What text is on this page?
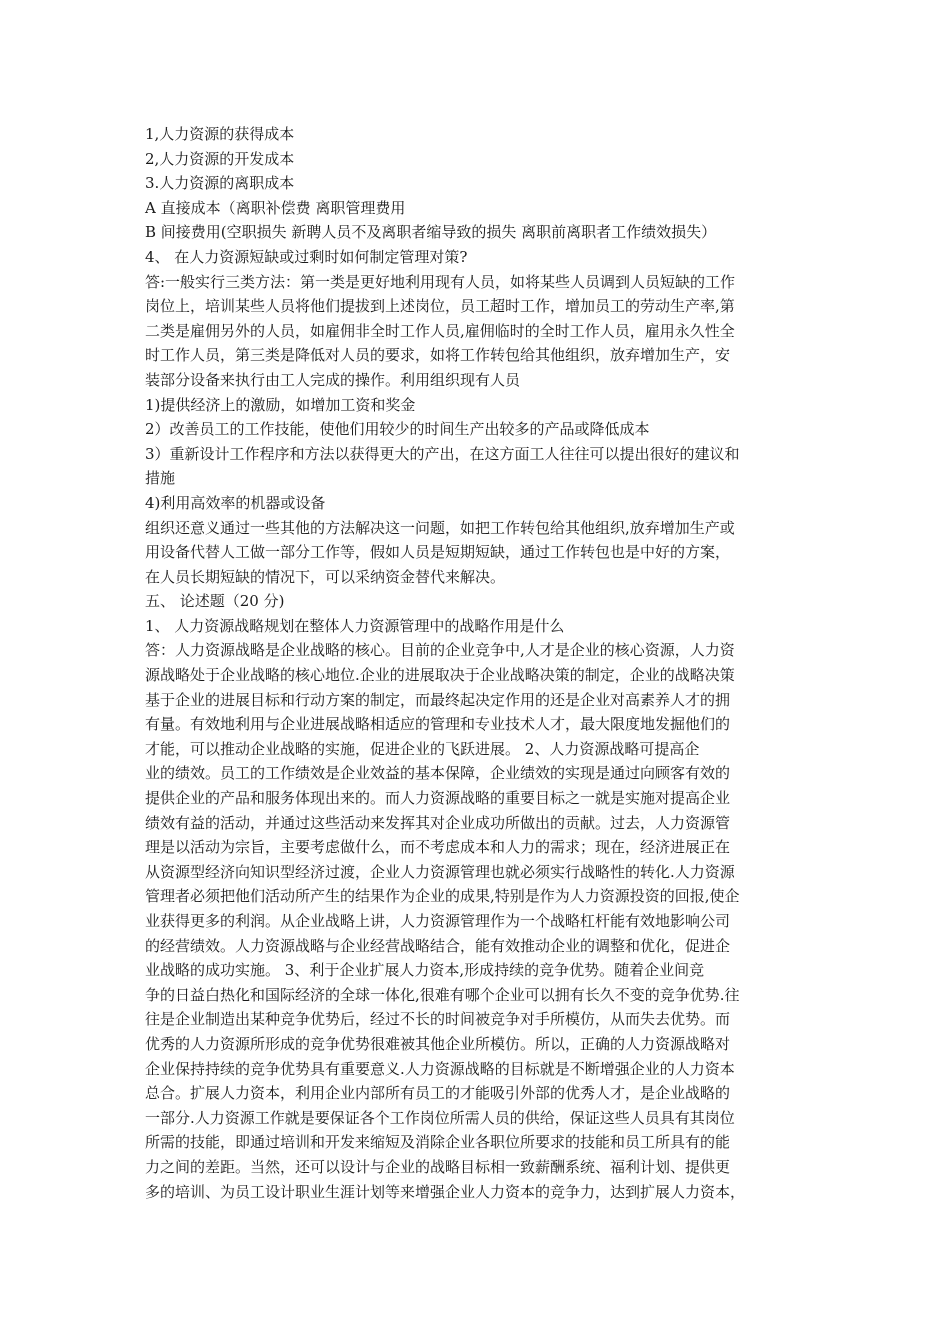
1,人力资源的获得成本
2,人力资源的开发成本
3.人力资源的离职成本
A 直接成本（离职补偿费 离职管理费用
B 间接费用(空职损失 新聘人员不及离职者缩导致的损失 离职前离职者工作绩效损失）
4、 在人力资源短缺或过剩时如何制定管理对策?
答:一般实行三类方法：第一类是更好地利用现有人员，如将某些人员调到人员短缺的工作
岗位上，培训某些人员将他们提拔到上述岗位，员工超时工作，增加员工的劳动生产率,第
二类是雇佣另外的人员，如雇佣非全时工作人员,雇佣临时的全时工作人员，雇用永久性全
时工作人员，第三类是降低对人员的要求，如将工作转包给其他组织，放弃增加生产，安
装部分设备来执行由工人完成的操作。利用组织现有人员
1)提供经济上的激励，如增加工资和奖金
2）改善员工的工作技能，使他们用较少的时间生产出较多的产品或降低成本
3）重新设计工作程序和方法以获得更大的产出，在这方面工人往往可以提出很好的建议和
措施
4)利用高效率的机器或设备
组织还意义通过一些其他的方法解决这一问题，如把工作转包给其他组织,放弃增加生产或
用设备代替人工做一部分工作等，假如人员是短期短缺，通过工作转包也是中好的方案，
在人员长期短缺的情况下，可以采纳资金替代来解决。
五、 论述题（20 分)
1、 人力资源战略规划在整体人力资源管理中的战略作用是什么
答：人力资源战略是企业战略的核心。目前的企业竞争中,人才是企业的核心资源，人力资
源战略处于企业战略的核心地位.企业的进展取决于企业战略决策的制定，企业的战略决策
基于企业的进展目标和行动方案的制定，而最终起决定作用的还是企业对高素养人才的拥
有量。有效地利用与企业进展战略相适应的管理和专业技术人才，最大限度地发掘他们的
才能，可以推动企业战略的实施，促进企业的飞跃进展。 2、人力资源战略可提高企
业的绩效。员工的工作绩效是企业效益的基本保障，企业绩效的实现是通过向顾客有效的
提供企业的产品和服务体现出来的。而人力资源战略的重要目标之一就是实施对提高企业
绩效有益的活动，并通过这些活动来发挥其对企业成功所做出的贡献。过去，人力资源管
理是以活动为宗旨，主要考虑做什么，而不考虑成本和人力的需求；现在，经济进展正在
从资源型经济向知识型经济过渡，企业人力资源管理也就必须实行战略性的转化.人力资源
管理者必须把他们活动所产生的结果作为企业的成果,特别是作为人力资源投资的回报,使企
业获得更多的利润。从企业战略上讲，人力资源管理作为一个战略杠杆能有效地影响公司
的经营绩效。人力资源战略与企业经营战略结合，能有效推动企业的调整和优化，促进企
业战略的成功实施。 3、利于企业扩展人力资本,形成持续的竞争优势。随着企业间竞
争的日益白热化和国际经济的全球一体化,很难有哪个企业可以拥有长久不变的竞争优势.往
往是企业制造出某种竞争优势后，经过不长的时间被竞争对手所模仿，从而失去优势。而
优秀的人力资源所形成的竞争优势很难被其他企业所模仿。所以，正确的人力资源战略对
企业保持持续的竞争优势具有重要意义.人力资源战略的目标就是不断增强企业的人力资本
总合。扩展人力资本，利用企业内部所有员工的才能吸引外部的优秀人才，是企业战略的
一部分.人力资源工作就是要保证各个工作岗位所需人员的供给，保证这些人员具有其岗位
所需的技能，即通过培训和开发来缩短及消除企业各职位所要求的技能和员工所具有的能
力之间的差距。当然，还可以设计与企业的战略目标相一致薪酬系统、福利计划、提供更
多的培训、为员工设计职业生涯计划等来增强企业人力资本的竞争力，达到扩展人力资本，
